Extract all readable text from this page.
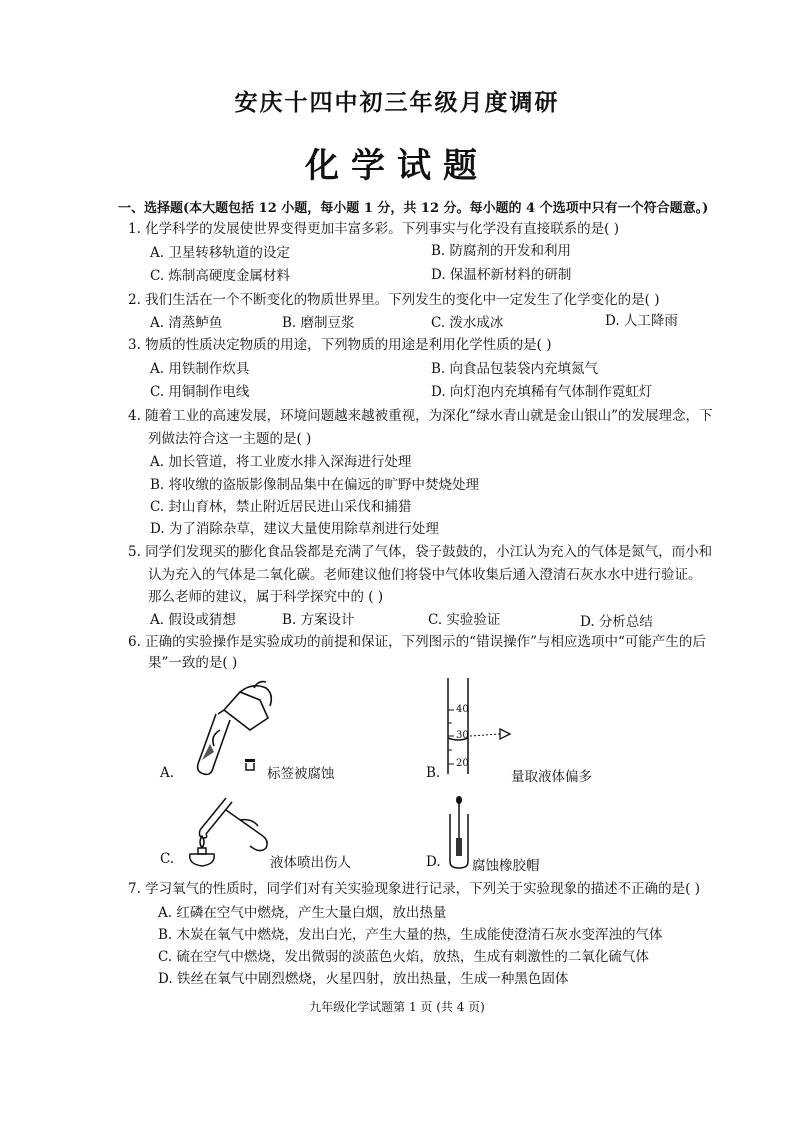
安庆十四中初三年级月度调研
化学试题
一、选择题(本大题包括 12 小题，每小题 1 分，共 12 分。每小题的 4 个选项中只有一个符合题意。)
1. 化学科学的发展使世界变得更加丰富多彩。下列事实与化学没有直接联系的是( )
A. 卫星转移轨道的设定	B. 防腐剂的开发和利用
C. 炼制高硬度金属材料	D. 保温杯新材料的研制
2. 我们生活在一个不断变化的物质世界里。下列发生的变化中一定发生了化学变化的是( )
A. 清蒸鲈鱼	B. 磨制豆浆	C. 泼水成冰	D. 人工降雨
3. 物质的性质决定物质的用途，下列物质的用途是利用化学性质的是( )
A. 用铁制作炊具	B. 向食品包装袋内充填氮气
C. 用铜制作电线	D. 向灯泡内充填稀有气体制作霓虹灯
4. 随着工业的高速发展，环境问题越来越被重视，为深化“绿水青山就是金山银山”的发展理念，下
列做法符合这一主题的是( )
A. 加长管道，将工业废水排入深海进行处理
B. 将收缴的盗版影像制品集中在偏远的旷野中焚烧处理
C. 封山育林，禁止附近居民进山采伐和捕猎
D. 为了消除杂草，建议大量使用除草剂进行处理
5. 同学们发现买的膨化食品袋都是充满了气体，袋子鼓鼓的，小江认为充入的气体是氮气，而小和
认为充入的气体是二氧化碳。老师建议他们将袋中气体收集后通入澄清石灰水水中进行验证。
那么老师的建议，属于科学探究中的 ( )
A. 假设或猜想	B. 方案设计	C. 实验验证	D. 分析总结
6. 正确的实验操作是实验成功的前提和保证，下列图示的“错误操作”与相应选项中“可能产生的后
果”一致的是( )
A.	标签被腐蚀
40
30
20
B.	量取液体偏多
C.	液体喷出伤人	D. 腐蚀橡胶帽
7. 学习氧气的性质时，同学们对有关实验现象进行记录，下列关于实验现象的描述不正确的是( )
A. 红磷在空气中燃烧，产生大量白烟，放出热量
B. 木炭在氧气中燃烧，发出白光，产生大量的热，生成能使澄清石灰水变浑浊的气体
C. 硫在空气中燃烧，发出微弱的淡蓝色火焰，放热，生成有刺激性的二氧化硫气体
D. 铁丝在氧气中剧烈燃烧，火星四射，放出热量，生成一种黑色固体
九年级化学试题第 1 页 (共 4 页)
